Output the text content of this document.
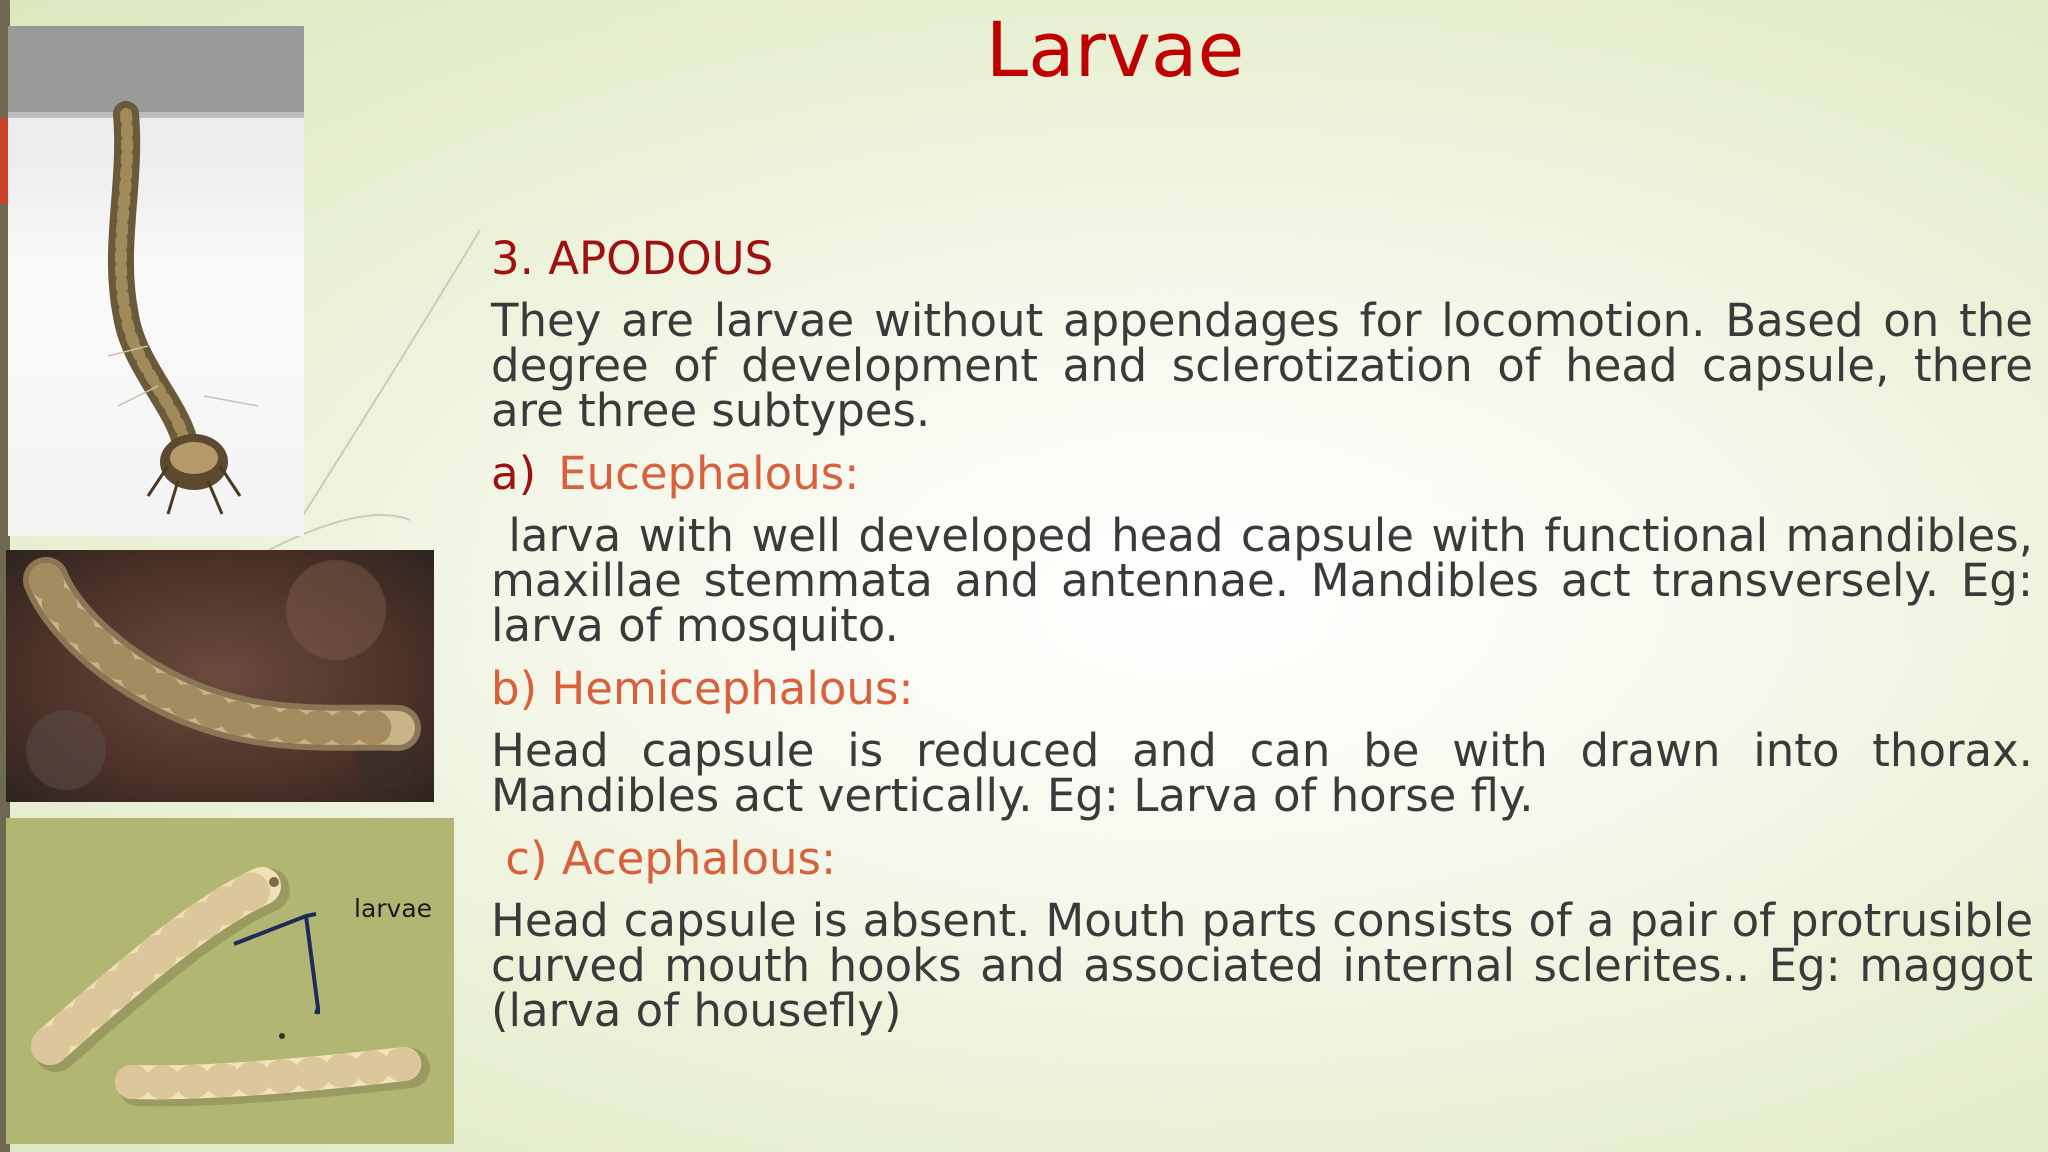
larvae
Larvae
3. APODOUS
They are larvae without appendages for locomotion. Based on the degree of development and sclerotization of head capsule, there are three subtypes.
a) Eucephalous:
larva with well developed head capsule with functional mandibles, maxillae stemmata and antennae. Mandibles act transversely. Eg: larva of mosquito.
b) Hemicephalous:
Head capsule is reduced and can be with drawn into thorax. Mandibles act vertically. Eg: Larva of horse fly.
c) Acephalous:
Head capsule is absent. Mouth parts consists of a pair of protrusible curved mouth hooks and associated internal sclerites.. Eg: maggot (larva of housefly)
